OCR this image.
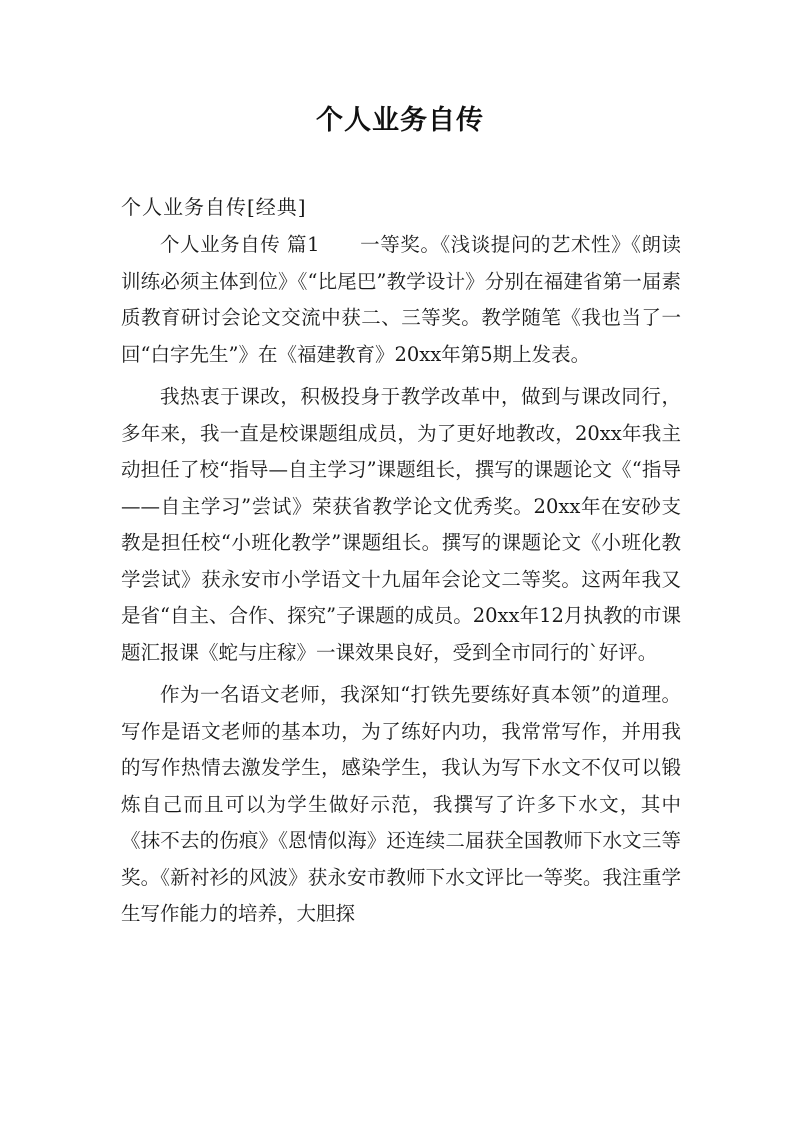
个人业务自传
个人业务自传[经典]

个人业务自传 篇1　　一等奖。《浅谈提问的艺术性》《朗读训练必须主体到位》《“比尾巴”教学设计》分别在福建省第一届素质教育研讨会论文交流中获二、三等奖。教学随笔《我也当了一回“白字先生”》在《福建教育》20xx年第5期上发表。

我热衷于课改，积极投身于教学改革中，做到与课改同行，多年来，我一直是校课题组成员，为了更好地教改，20xx年我主动担任了校“指导—自主学习”课题组长，撰写的课题论文《“指导——自主学习”尝试》荣获省教学论文优秀奖。20xx年在安砂支教是担任校“小班化教学”课题组长。撰写的课题论文《小班化教学尝试》获永安市小学语文十九届年会论文二等奖。这两年我又是省“自主、合作、探究”子课题的成员。20xx年12月执教的市课题汇报课《蛇与庄稼》一课效果良好，受到全市同行的`好评。

作为一名语文老师，我深知“打铁先要练好真本领”的道理。写作是语文老师的基本功，为了练好内功，我常常写作，并用我的写作热情去激发学生，感染学生，我认为写下水文不仅可以锻炼自己而且可以为学生做好示范，我撰写了许多下水文，其中《抹不去的伤痕》《恩情似海》还连续二届获全国教师下水文三等奖。《新衬衫的风波》获永安市教师下水文评比一等奖。我注重学生写作能力的培养，大胆探
